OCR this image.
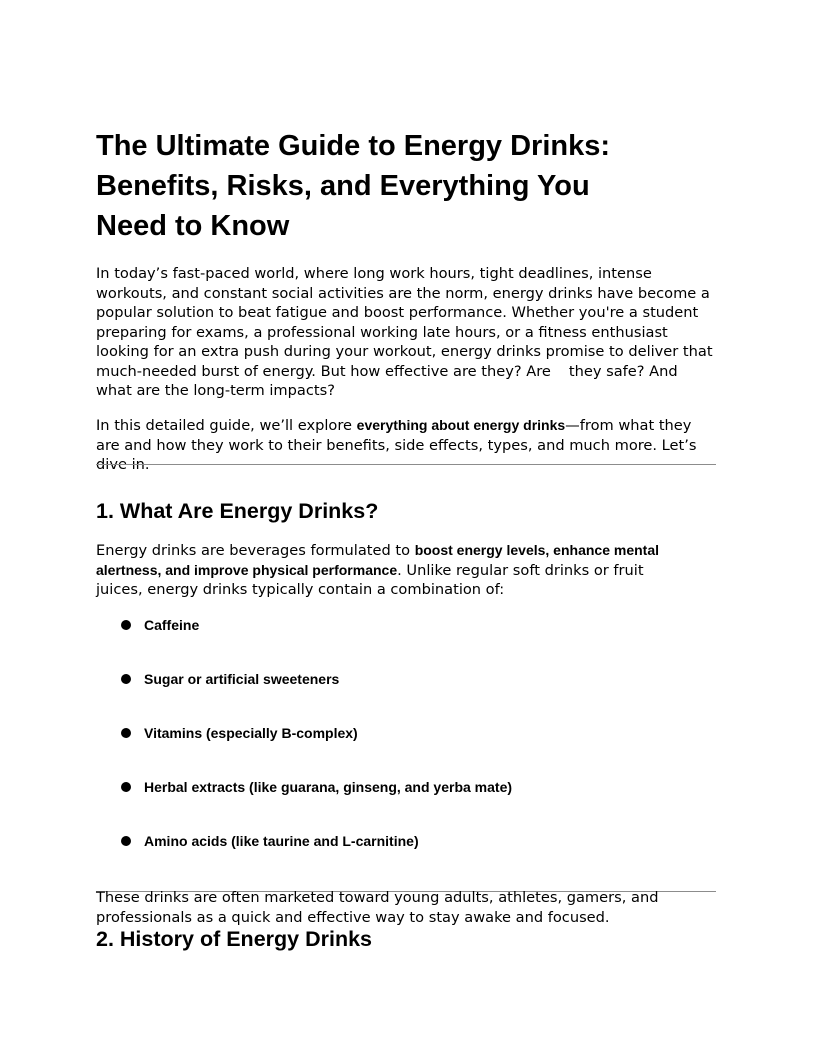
The Ultimate Guide to Energy Drinks:
Benefits, Risks, and Everything You
Need to Know

In today’s fast-paced world, where long work hours, tight deadlines, intense
workouts, and constant social activities are the norm, energy drinks have become a
popular solution to beat fatigue and boost performance. Whether you're a student
preparing for exams, a professional working late hours, or a fitness enthusiast
looking for an extra push during your workout, energy drinks promise to deliver that
much-needed burst of energy. But how effective are they? Are they safe? And
what are the long-term impacts?

In this detailed guide, we’ll explore everything about energy drinks—from what they
are and how they work to their benefits, side effects, types, and much more. Let’s
dive in.

1. What Are Energy Drinks?

Energy drinks are beverages formulated to boost energy levels, enhance mental
alertness, and improve physical performance. Unlike regular soft drinks or fruit
juices, energy drinks typically contain a combination of:

Caffeine
Sugar or artificial sweeteners
Vitamins (especially B-complex)
Herbal extracts (like guarana, ginseng, and yerba mate)
Amino acids (like taurine and L-carnitine)

These drinks are often marketed toward young adults, athletes, gamers, and
professionals as a quick and effective way to stay awake and focused.

2. History of Energy Drinks
